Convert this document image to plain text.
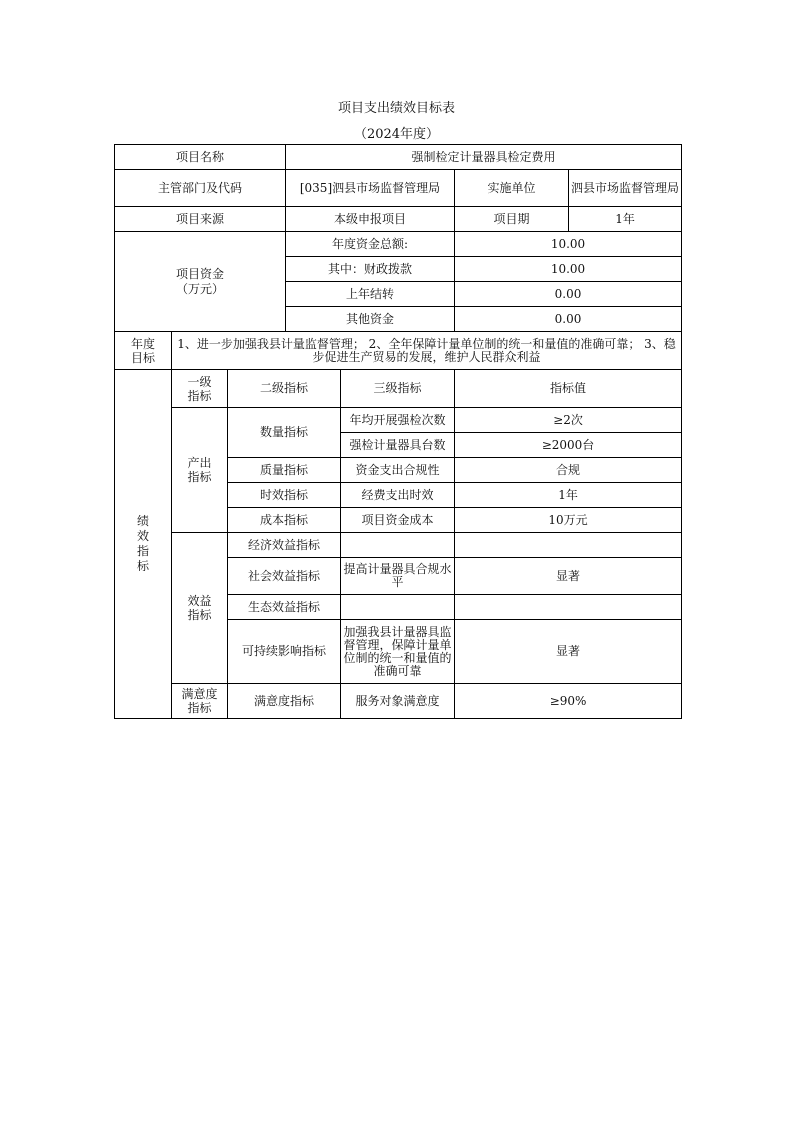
项目支出绩效目标表
（2024年度）
项目名称			强制检定计量器具检定费用			
主管部门及代码			[035]泗县市场监督管理局		实施单位	泗县市场监督管理局
项目来源			本级申报项目		项目期	1年
项目资金（万元）			年度资金总额:		10.00	
			其中：财政拨款		10.00	
			上年结转		0.00	
			其他资金		0.00	
年度目标	1、进一步加强我县计量监督管理； 2、全年保障计量单位制的统一和量值的准确可靠； 3、稳步促进生产贸易的发展，维护人民群众利益					
绩效指标	一级指标	二级指标		三级指标	指标值	
	产出指标	数量指标		年均开展强检次数	≥2次	
				强检计量器具台数	≥2000台	
		质量指标		资金支出合规性	合规	
		时效指标		经费支出时效	1年	
		成本指标		项目资金成本	10万元	
	效益指标	经济效益指标				
		社会效益指标		提高计量器具合规水平	显著	
		生态效益指标				
		可持续影响指标		加强我县计量器具监督管理，保障计量单位制的统一和量值的准确可靠	显著	
	满意度指标	满意度指标		服务对象满意度	≥90%	
